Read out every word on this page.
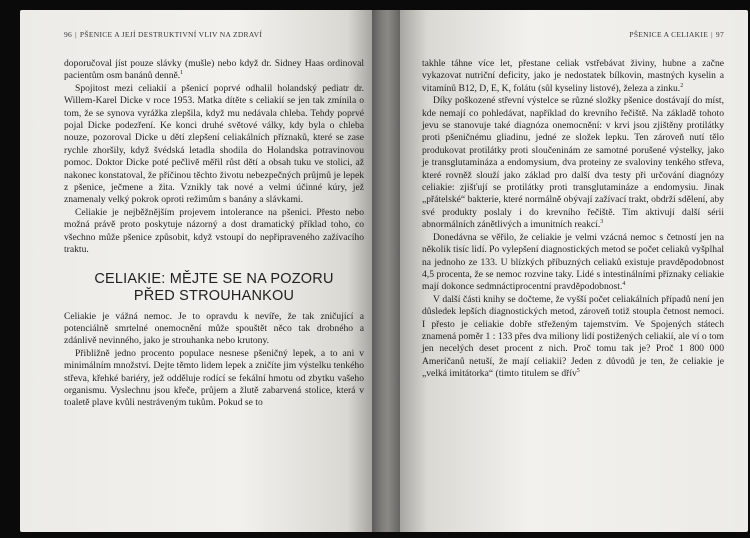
96 | PŠENICE A JEJÍ DESTRUKTIVNÍ VLIV NA ZDRAVÍ

doporučoval jíst pouze slávky (mušle) nebo když dr. Sidney Haas ordinoval pacientům osm banánů denně.$^1$

Spojitost mezi celiakií a pšenicí poprvé odhalil holandský pediatr dr. Willem-Karel Dicke v roce 1953. Matka dítěte s celiakií se jen tak zmínila o tom, že se synova vyrážka zlepšila, když mu nedávala chleba. Tehdy poprvé pojal Dicke podezření. Ke konci druhé světové války, kdy byla o chleba nouze, pozoroval Dicke u dětí zlepšení celiakálních příznaků, které se zase rychle zhoršily, když švédská letadla shodila do Holandska potravinovou pomoc. Doktor Dicke poté pečlivě měřil růst dětí a obsah tuku ve stolici, až nakonec konstatoval, že příčinou těchto životu nebezpečných průjmů je lepek z pšenice, ječmene a žita. Vznikly tak nové a velmi účinné kúry, jež znamenaly velký pokrok oproti režimům s banány a slávkami.

Celiakie je nejběžnějším projevem intolerance na pšenici. Přesto nebo možná právě proto poskytuje názorný a dost dramatický příklad toho, co všechno může pšenice způsobit, když vstoupí do nepřipraveného zažívacího traktu.

CELIAKIE: MĚJTE SE NA POZORU
PŘED STROUHANKOU

Celiakie je vážná nemoc. Je to opravdu k nevíře, že tak zničující a potenciálně smrtelné onemocnění může spouštět něco tak drobného a zdánlivě nevinného, jako je strouhanka nebo krutony.

Přibližně jedno procento populace nesnese pšeničný lepek, a to ani v minimálním množství. Dejte těmto lidem lepek a zničíte jim výstelku tenkého střeva, křehké bariéry, jež odděluje rodící se fekální hmotu od zbytku vašeho organismu. Vyslechnu jsou křeče, průjem a žlutě zabarvená stolice, která v toaletě plave kvůli nestráveným tukům. Pokud se to

PŠENICE A CELIAKIE | 97

takhle táhne více let, přestane celiak vstřebávat živiny, hubne a začne vykazovat nutriční deficity, jako je nedostatek bílkovin, mastných kyselin a vitamínů B12, D, E, K, folátu (sůl kyseliny listové), železa a zinku.$^2$

Díky poškozené střevní výstelce se různé složky pšenice dostávají do míst, kde nemají co pohledávat, například do krevního řečiště. Na základě tohoto jevu se stanovuje také diagnóza onemocnění: v krvi jsou zjištěny protilátky proti pšeničnému gliadinu, jedné ze složek lepku. Ten zároveň nutí tělo produkovat protilátky proti sloučeninám ze samotné porušené výstelky, jako je transglutamináza a endomysium, dva proteiny ze svaloviny tenkého střeva, které rovněž slouží jako základ pro další dva testy při určování diagnózy celiakie: zjišťují se protilátky proti transglutamináze a endomysiu. Jinak „přátelské“ bakterie, které normálně obývají zažívací trakt, obdrží sdělení, aby své produkty poslaly i do krevního řečiště. Tím aktivují další sérii abnormálních zánětlivých a imunitních reakcí.$^3$

Donedávna se věřilo, že celiakie je velmi vzácná nemoc s četností jen na několik tisíc lidí. Po vylepšení diagnostických metod se počet celiaků vyšplhal na jednoho ze 133. U blízkých příbuzných celiaků existuje pravděpodobnost 4,5 procenta, že se nemoc rozvine taky. Lidé s intestinálními příznaky celiakie mají dokonce sedmnáctiprocentní pravděpodobnost.$^4$

V další části knihy se dočteme, že vyšší počet celiakálních případů není jen důsledek lepších diagnostických metod, zároveň totiž stoupla četnost nemoci. I přesto je celiakie dobře střeženým tajemstvím. Ve Spojených státech znamená poměr 1 : 133 přes dva miliony lidí postižených celiakií, ale ví o tom jen necelých deset procent z nich. Proč tomu tak je? Proč 1 800 000 Američanů netuší, že mají celiakii? Jeden z důvodů je ten, že celiakie je „velká imitátorka“ (timto titulem se dřív$^5$
